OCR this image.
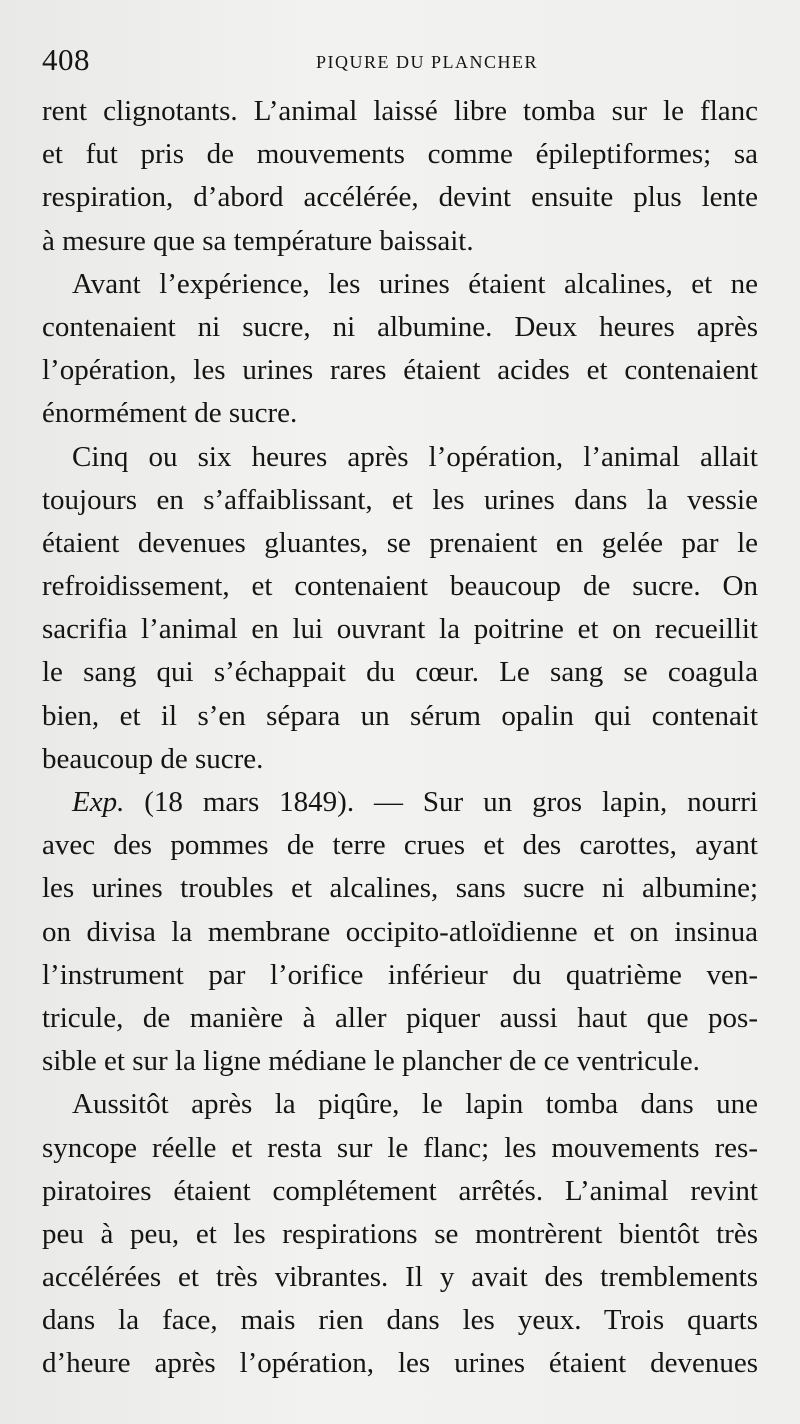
408	PIQURE DU PLANCHER
rent clignotants. L’animal laissé libre tomba sur le flanc
et fut pris de mouvements comme épileptiformes; sa
respiration, d’abord accélérée, devint ensuite plus lente
à mesure que sa température baissait.
Avant l’expérience, les urines étaient alcalines, et ne
contenaient ni sucre, ni albumine. Deux heures après
l’opération, les urines rares étaient acides et contenaient
énormément de sucre.
Cinq ou six heures après l’opération, l’animal allait
toujours en s’affaiblissant, et les urines dans la vessie
étaient devenues gluantes, se prenaient en gelée par le
refroidissement, et contenaient beaucoup de sucre. On
sacrifia l’animal en lui ouvrant la poitrine et on recueillit
le sang qui s’échappait du cœur. Le sang se coagula
bien, et il s’en sépara un sérum opalin qui contenait
beaucoup de sucre.
Exp. (18 mars 1849). — Sur un gros lapin, nourri
avec des pommes de terre crues et des carottes, ayant
les urines troubles et alcalines, sans sucre ni albumine;
on divisa la membrane occipito-atloïdienne et on insinua
l’instrument par l’orifice inférieur du quatrième ven-
tricule, de manière à aller piquer aussi haut que pos-
sible et sur la ligne médiane le plancher de ce ventricule.
Aussitôt après la piqûre, le lapin tomba dans une
syncope réelle et resta sur le flanc; les mouvements res-
piratoires étaient complétement arrêtés. L’animal revint
peu à peu, et les respirations se montrèrent bientôt très
accélérées et très vibrantes. Il y avait des tremblements
dans la face, mais rien dans les yeux. Trois quarts
d’heure après l’opération, les urines étaient devenues
